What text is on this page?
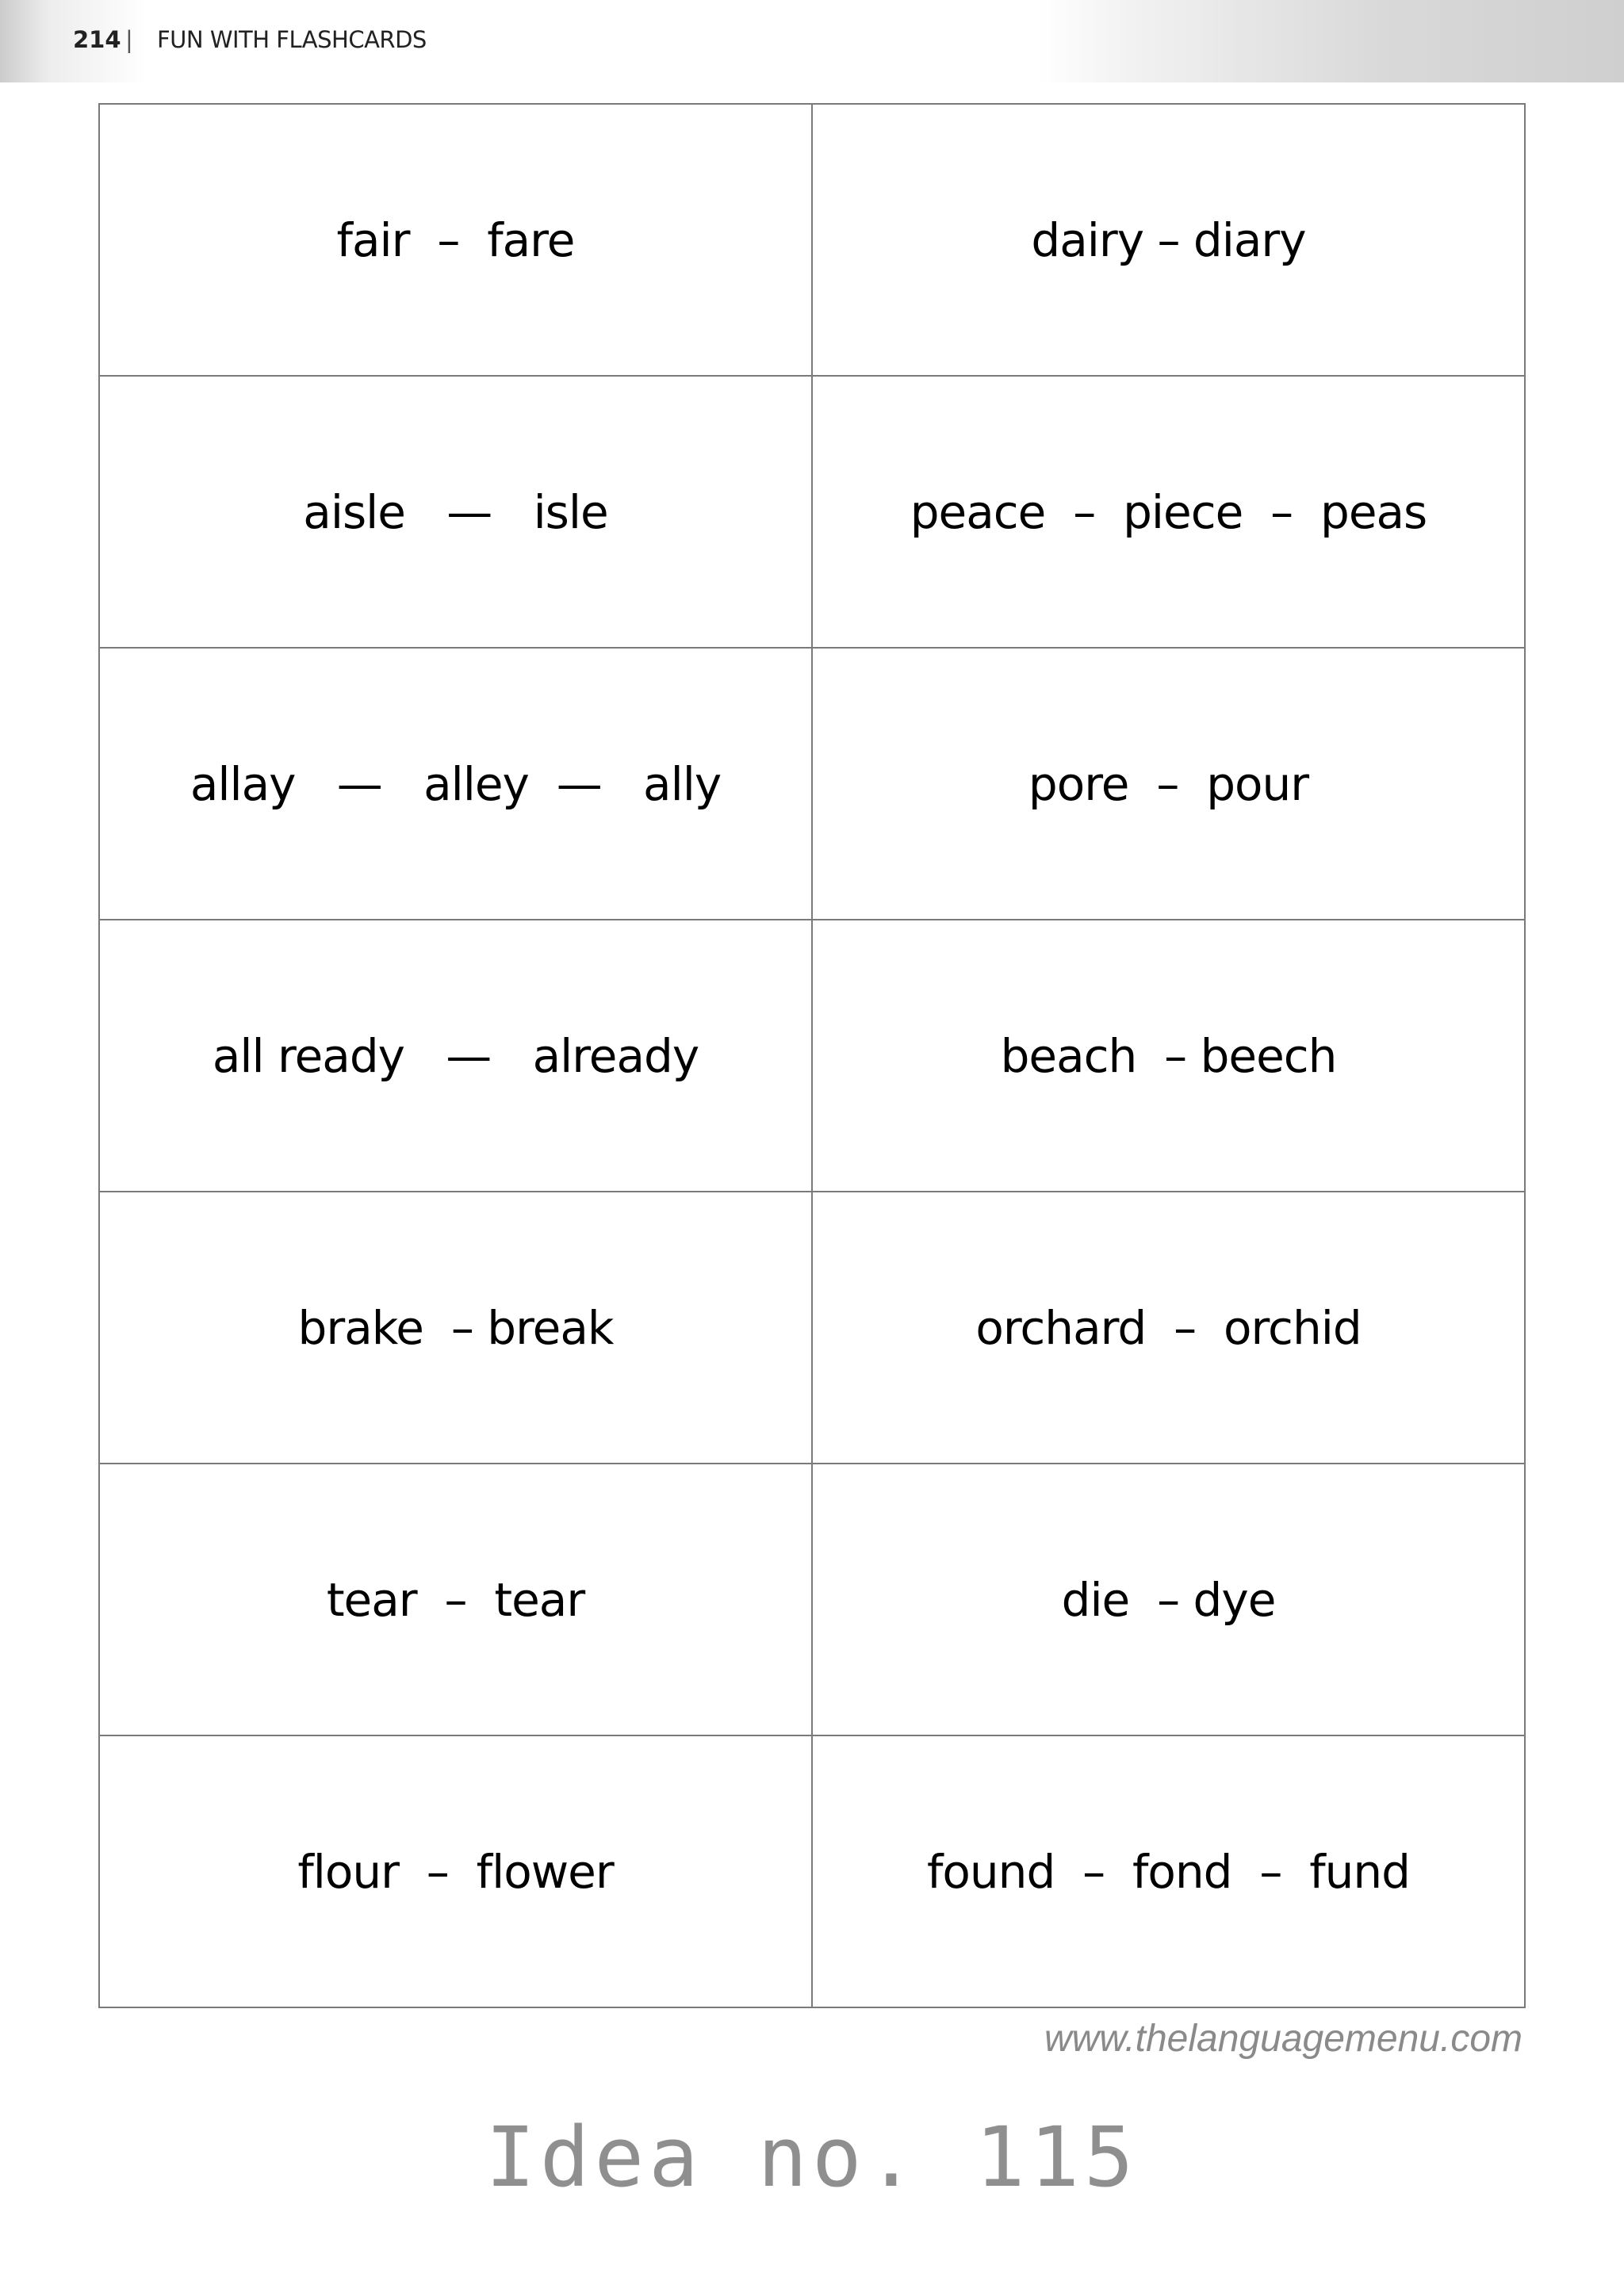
214 | FUN WITH FLASHCARDS
fair  –  fare	dairy – diary
aisle   —   isle	peace  –  piece  –  peas
allay   —   alley  —   ally	pore  –  pour
all ready   —   already	beach  – beech
brake  – break	orchard  –  orchid
tear  –  tear	die  – dye
flour  –  flower	found  –  fond  –  fund
www.thelanguagemenu.com
Idea no. 115
